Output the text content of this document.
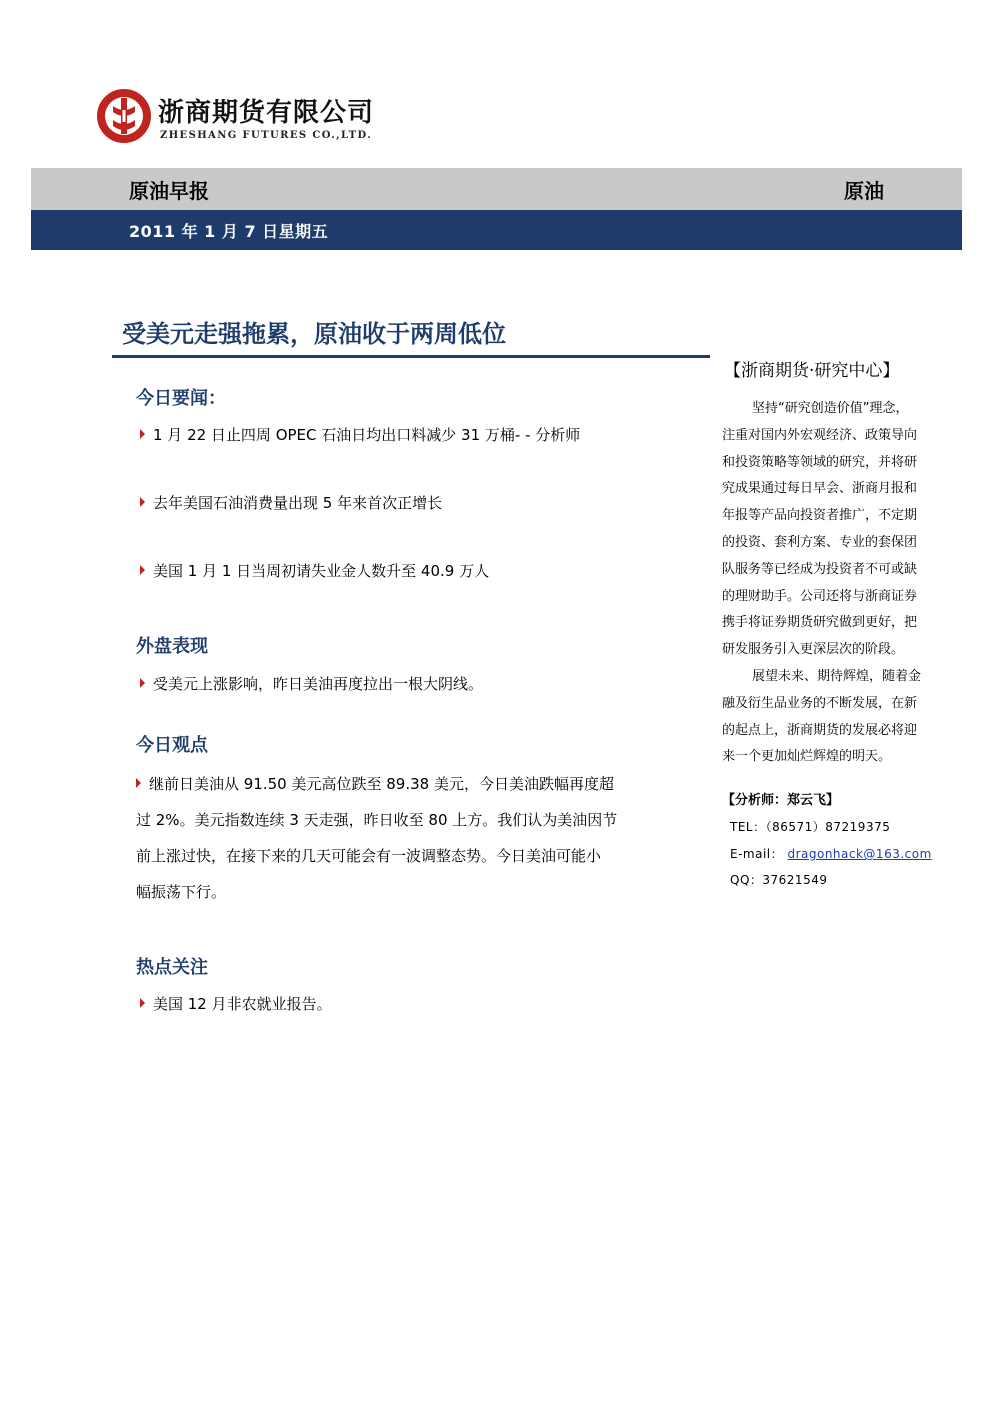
浙商期货有限公司
ZHESHANG FUTURES CO.,LTD.
原油早报	原油
2011 年 1 月 7 日星期五
受美元走强拖累，原油收于两周低位
今日要闻：
1 月 22 日止四周 OPEC 石油日均出口料减少 31 万桶- - 分析师
去年美国石油消费量出现 5 年来首次正增长
美国 1 月 1 日当周初请失业金人数升至 40.9 万人
外盘表现
受美元上涨影响，昨日美油再度拉出一根大阴线。
今日观点
继前日美油从 91.50 美元高位跌至 89.38 美元，今日美油跌幅再度超
过 2%。美元指数连续 3 天走强，昨日收至 80 上方。我们认为美油因节
前上涨过快，在接下来的几天可能会有一波调整态势。今日美油可能小
幅振荡下行。
热点关注
美国 12 月非农就业报告。
【浙商期货·研究中心】
坚持“研究创造价值”理念，
注重对国内外宏观经济、政策导向
和投资策略等领域的研究，并将研
究成果通过每日早会、浙商月报和
年报等产品向投资者推广，不定期
的投资、套利方案、专业的套保团
队服务等已经成为投资者不可或缺
的理财助手。公司还将与浙商证券
携手将证券期货研究做到更好，把
研发服务引入更深层次的阶段。
展望未来、期待辉煌，随着金
融及衍生品业务的不断发展，在新
的起点上，浙商期货的发展必将迎
来一个更加灿烂辉煌的明天。
【分析师：郑云飞】
TEL：（86571）87219375
E-mail： dragonhack@163.com
QQ：37621549
